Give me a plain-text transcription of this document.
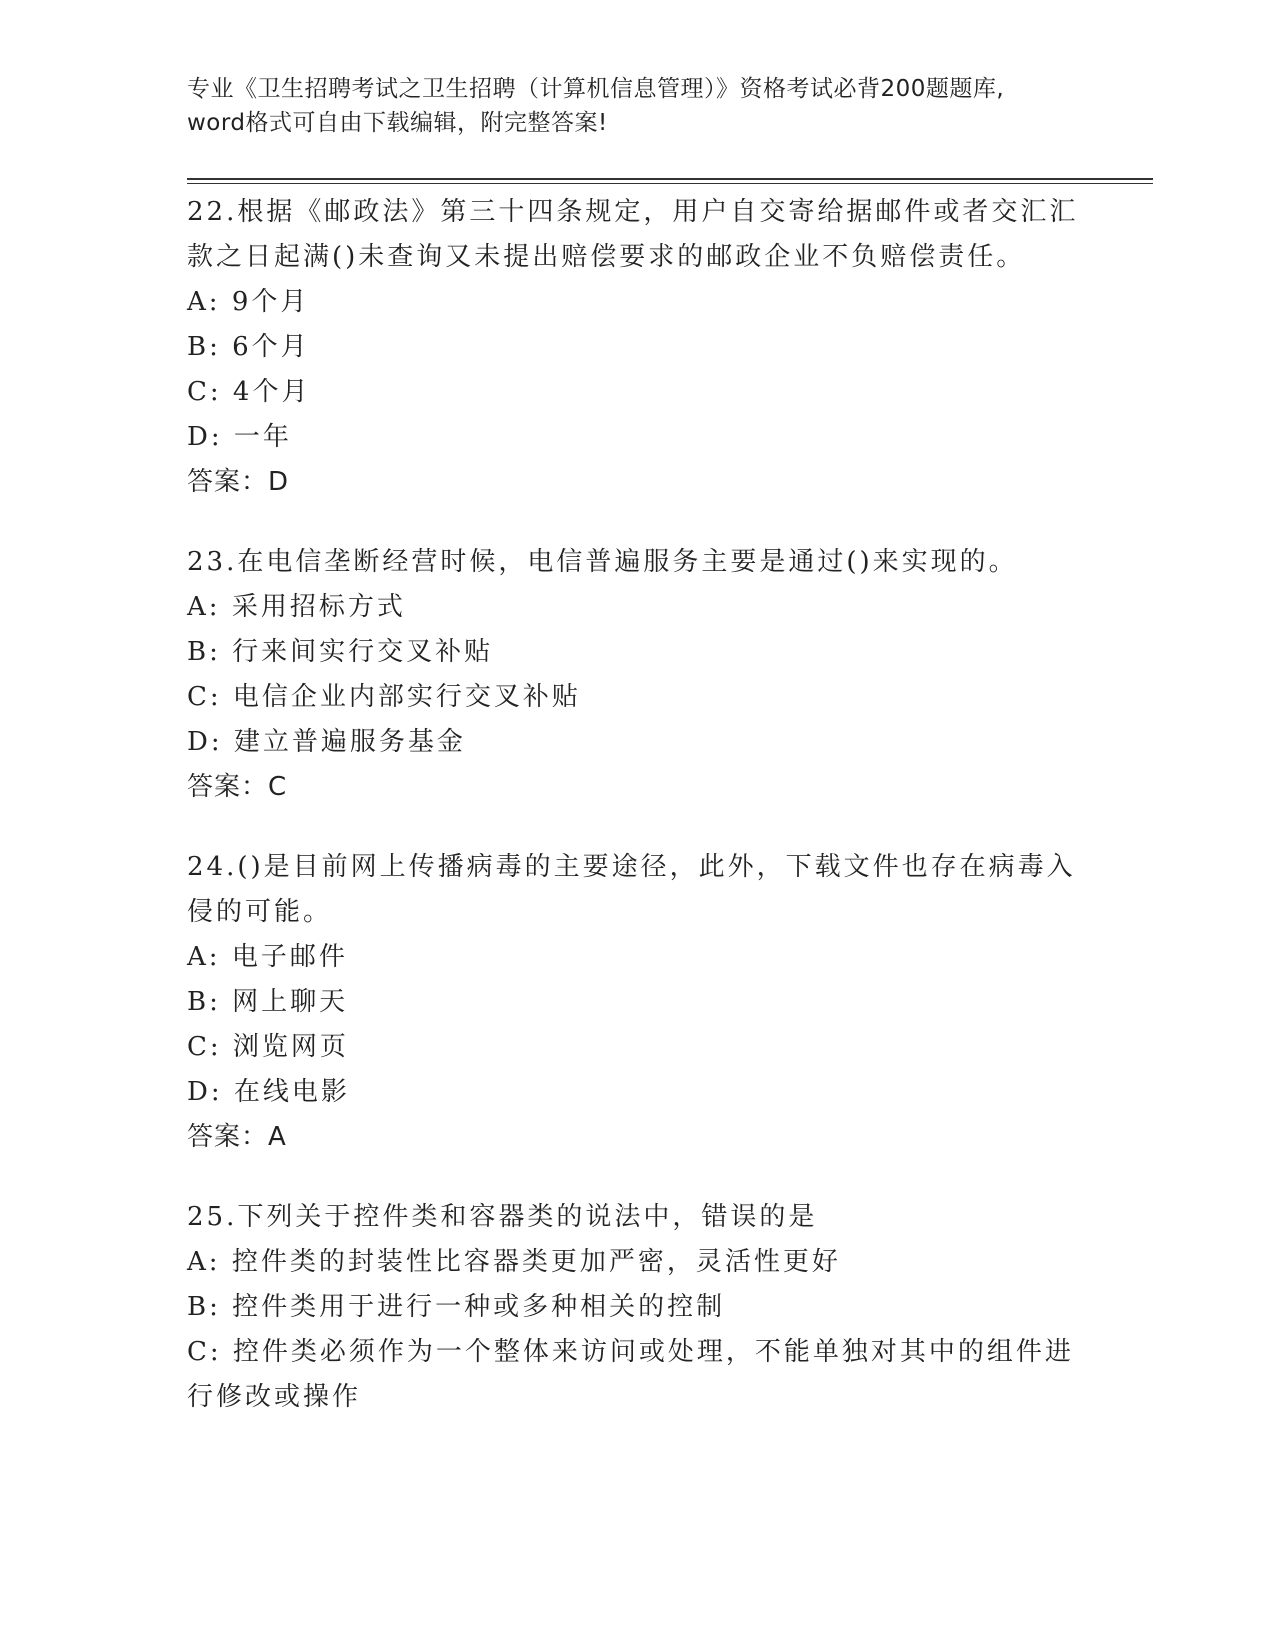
专业《卫生招聘考试之卫生招聘（计算机信息管理）》资格考试必背200题题库,
word格式可自由下载编辑，附完整答案!
22.根据《邮政法》第三十四条规定，用户自交寄给据邮件或者交汇汇款之日起满()未查询又未提出赔偿要求的邮政企业不负赔偿责任。
A: 9个月
B: 6个月
C: 4个月
D: 一年
答案：D
23.在电信垄断经营时候，电信普遍服务主要是通过()来实现的。
A: 采用招标方式
B: 行来间实行交叉补贴
C: 电信企业内部实行交叉补贴
D: 建立普遍服务基金
答案：C
24.()是目前网上传播病毒的主要途径，此外，下载文件也存在病毒入侵的可能。
A: 电子邮件
B: 网上聊天
C: 浏览网页
D: 在线电影
答案：A
25.下列关于控件类和容器类的说法中，错误的是
A: 控件类的封装性比容器类更加严密，灵活性更好
B: 控件类用于进行一种或多种相关的控制
C: 控件类必须作为一个整体来访问或处理，不能单独对其中的组件进行修改或操作
